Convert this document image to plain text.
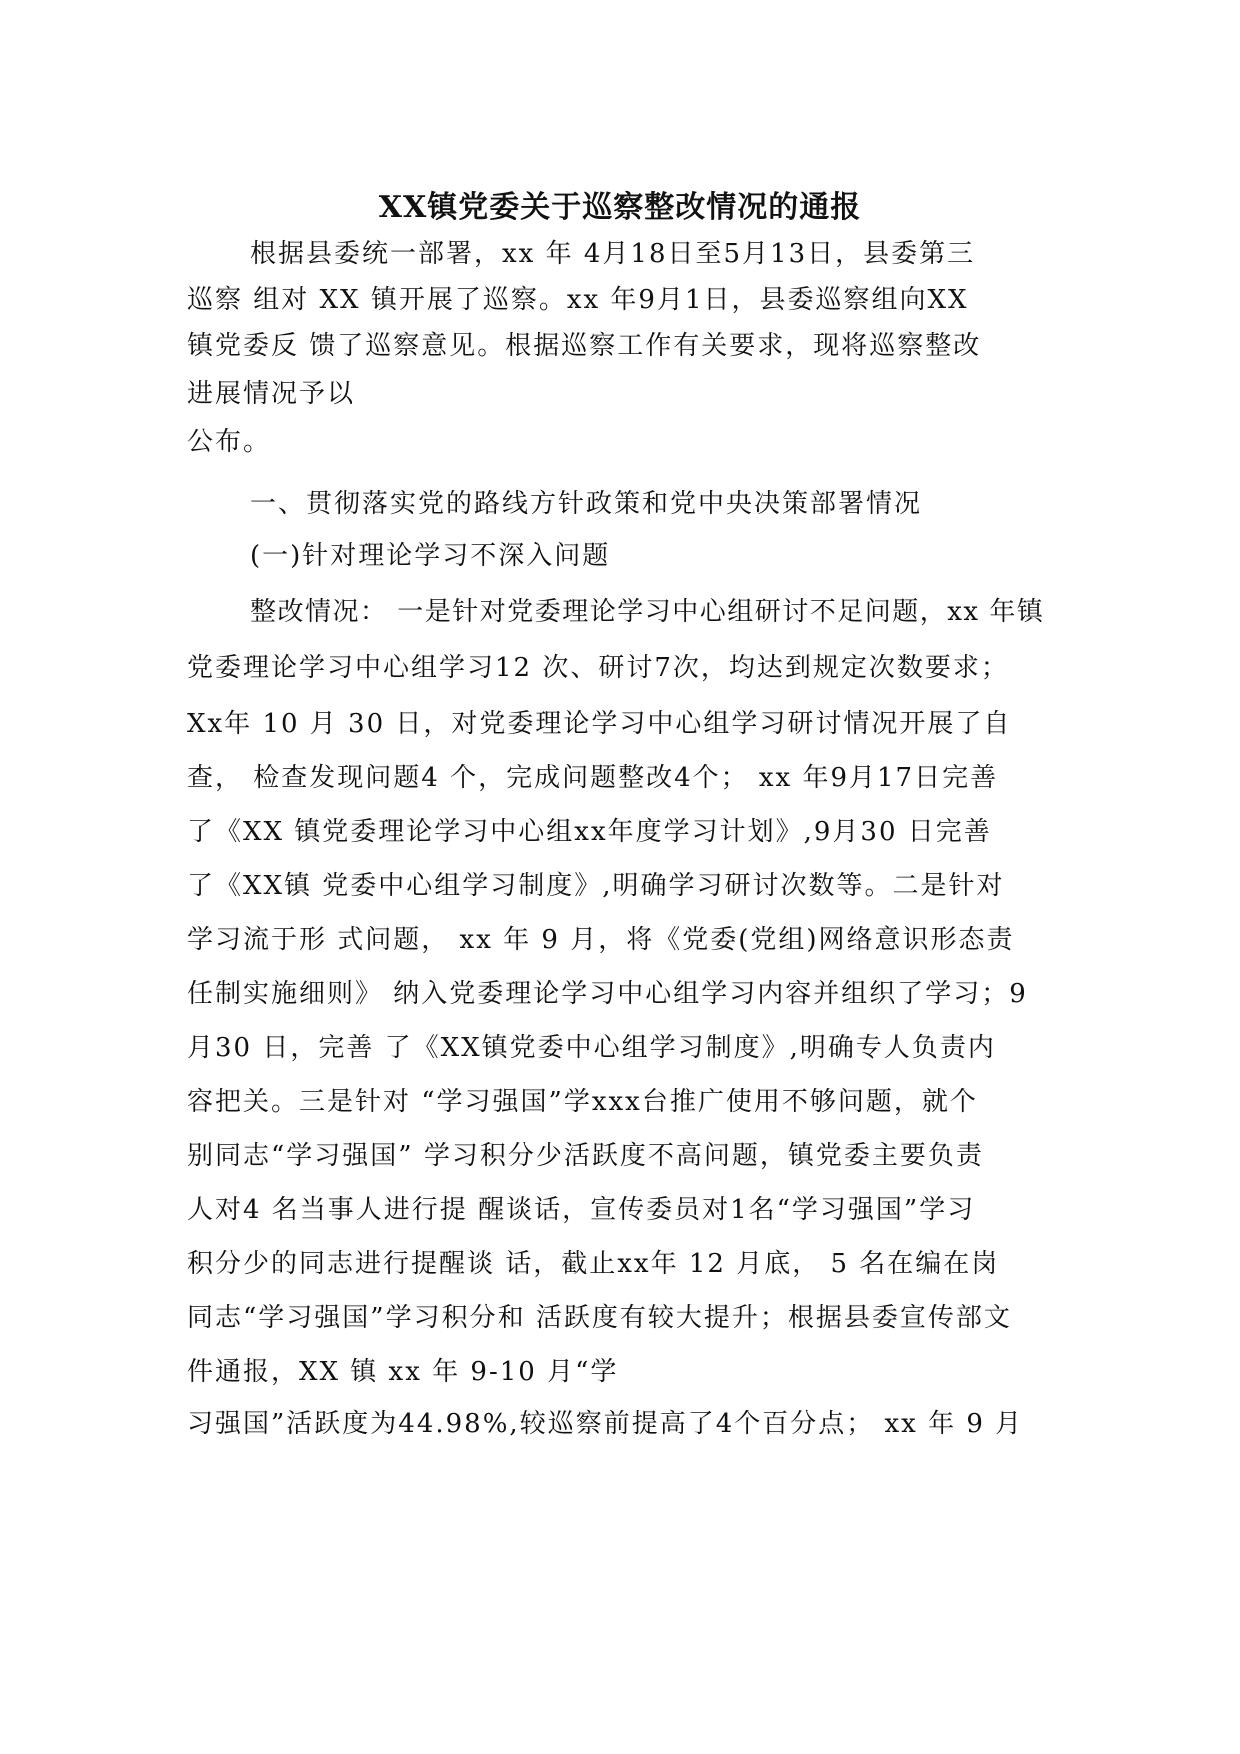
XX镇党委关于巡察整改情况的通报
根据县委统一部署，xx 年 4月18日至5月13日，县委第三
巡察 组对 XX 镇开展了巡察。xx 年9月1日，县委巡察组向XX
镇党委反 馈了巡察意见。根据巡察工作有关要求，现将巡察整改
进展情况予以
公布。
一、贯彻落实党的路线方针政策和党中央决策部署情况
(一)针对理论学习不深入问题
整改情况： 一是针对党委理论学习中心组研讨不足问题，xx 年镇
党委理论学习中心组学习12 次、研讨7次，均达到规定次数要求；
Xx年 10 月 30 日，对党委理论学习中心组学习研讨情况开展了自
查， 检查发现问题4 个，完成问题整改4个； xx 年9月17日完善
了《XX 镇党委理论学习中心组xx年度学习计划》,9月30 日完善
了《XX镇 党委中心组学习制度》,明确学习研讨次数等。二是针对
学习流于形 式问题， xx 年 9 月，将《党委(党组)网络意识形态责
任制实施细则》 纳入党委理论学习中心组学习内容并组织了学习；9
月30 日，完善 了《XX镇党委中心组学习制度》,明确专人负责内
容把关。三是针对 “学习强国”学xxx台推广使用不够问题，就个
别同志“学习强国” 学习积分少活跃度不高问题，镇党委主要负责
人对4 名当事人进行提 醒谈话，宣传委员对1名“学习强国”学习
积分少的同志进行提醒谈 话，截止xx年 12 月底， 5 名在编在岗
同志“学习强国”学习积分和 活跃度有较大提升；根据县委宣传部文
件通报，XX 镇 xx 年 9-10 月“学
习强国”活跃度为44.98%,较巡察前提高了4个百分点； xx 年 9 月
